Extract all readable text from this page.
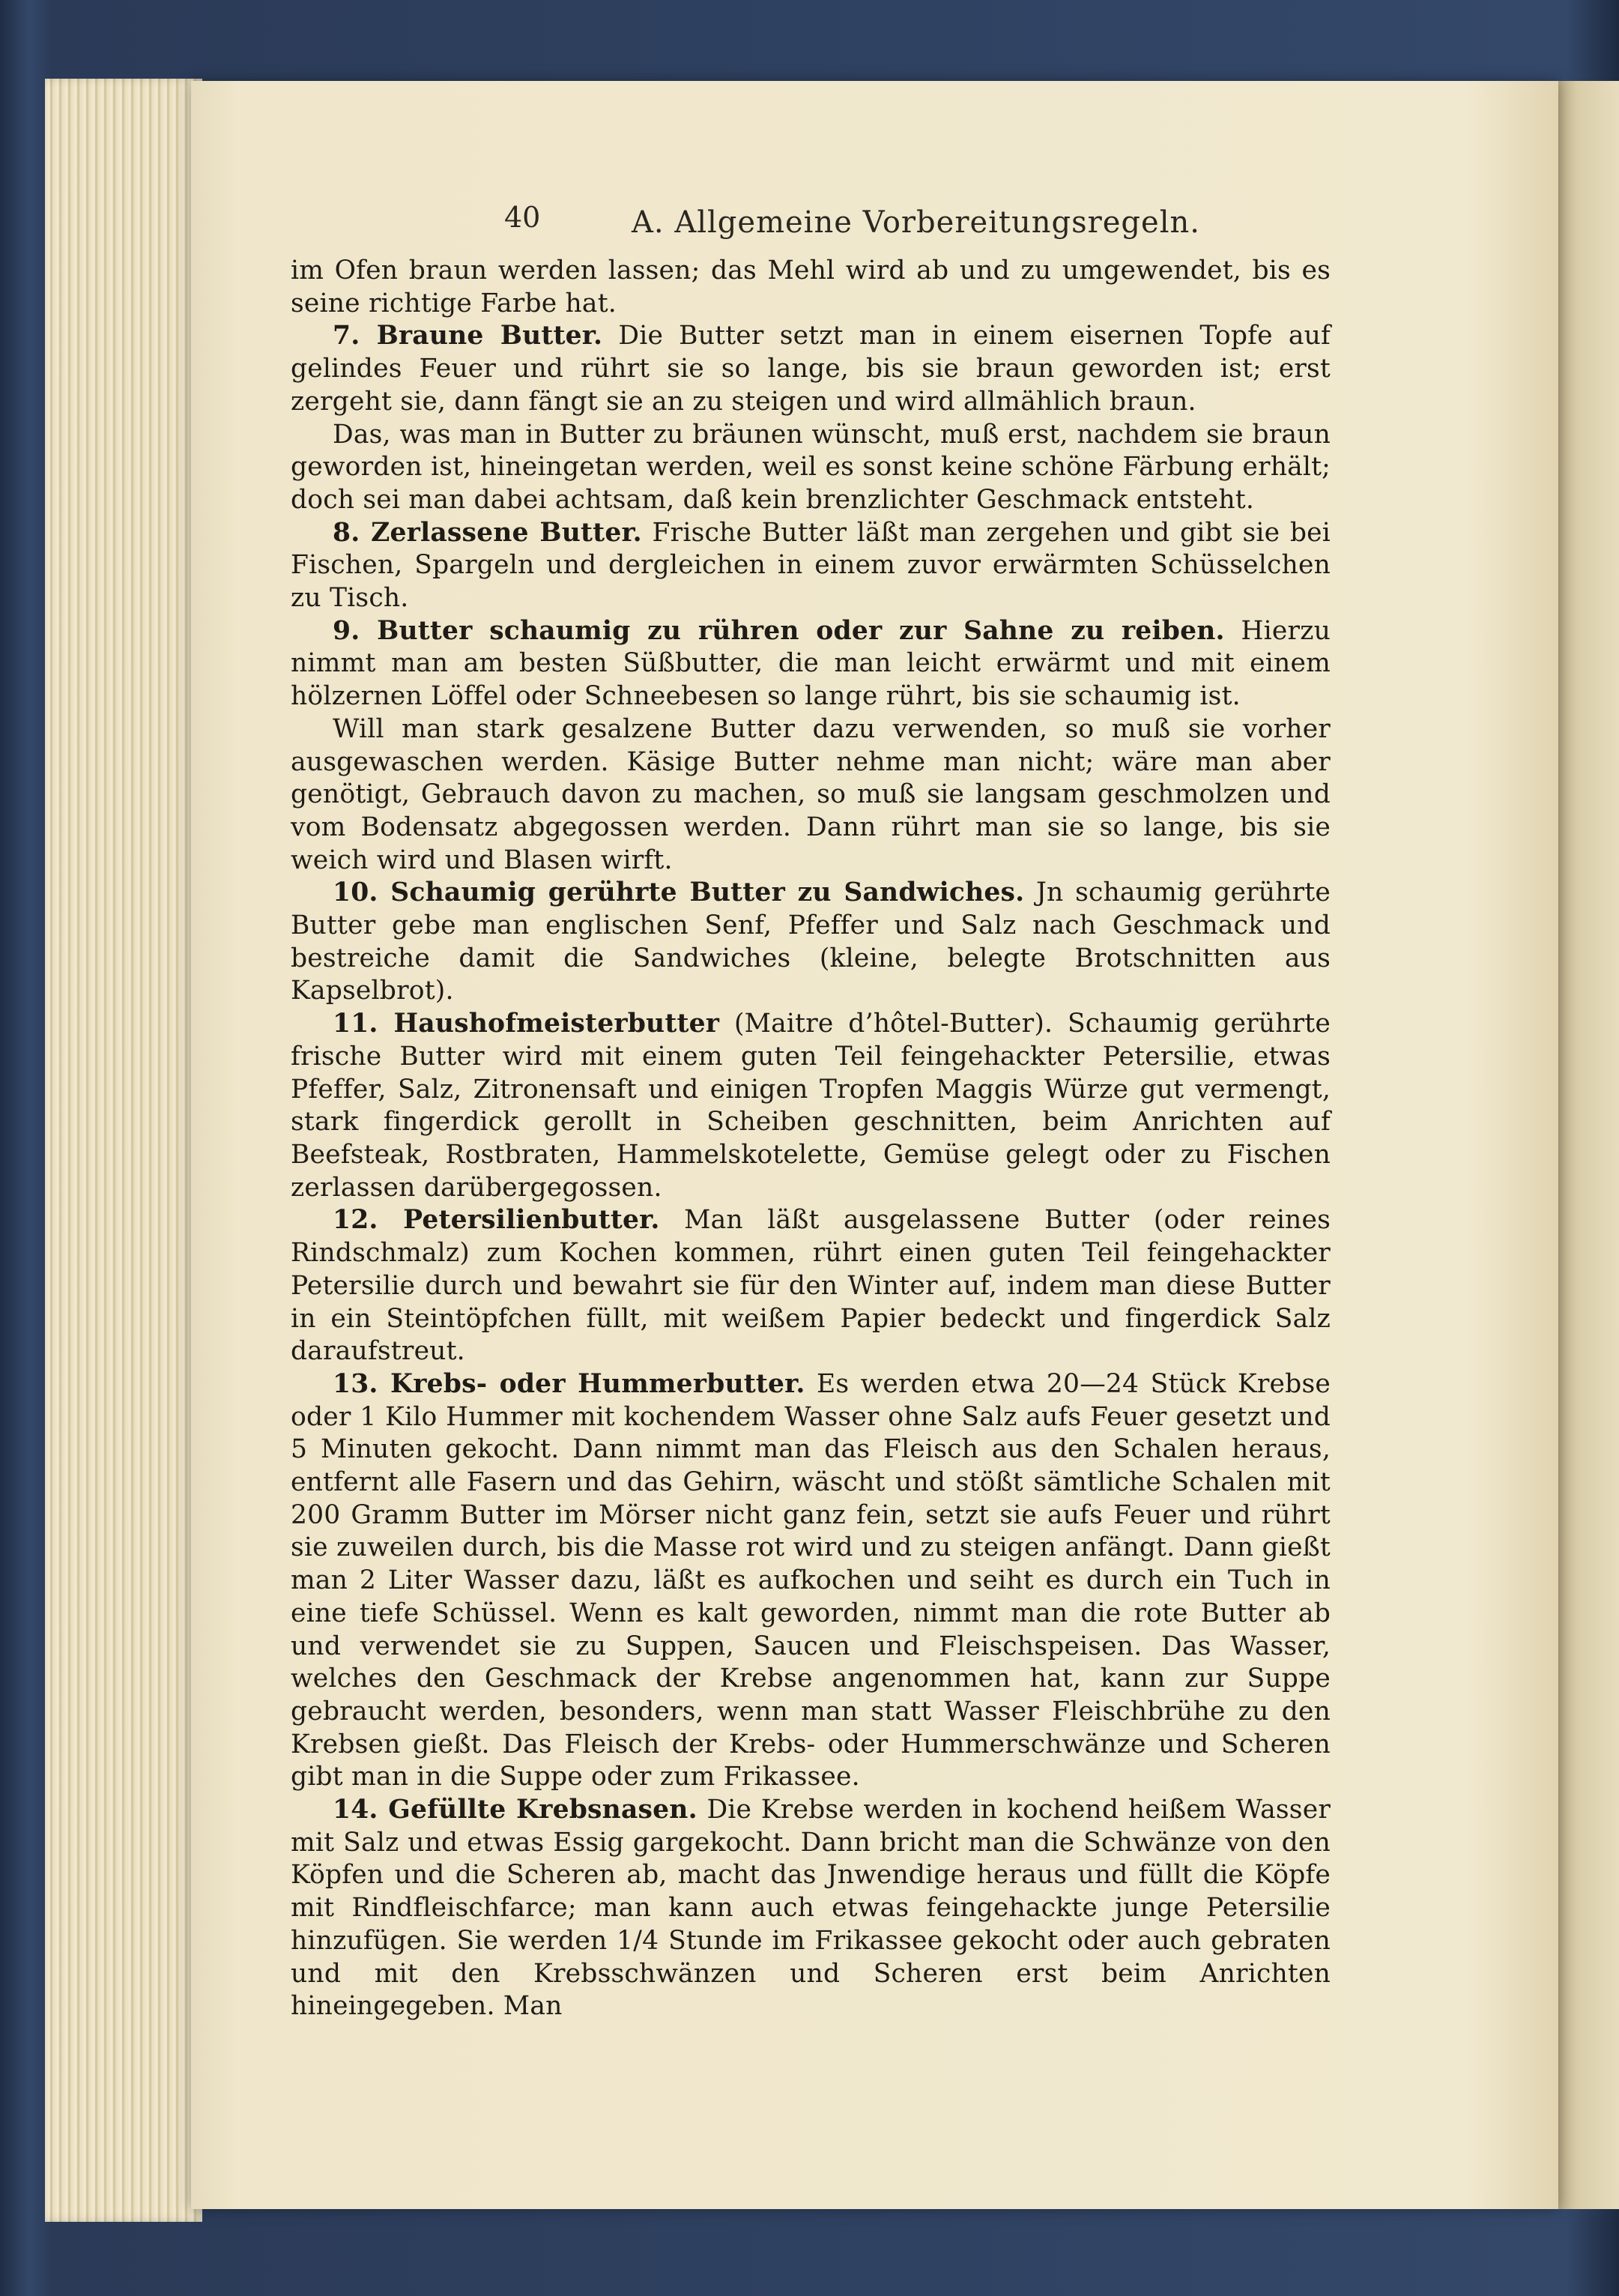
40	A. Allgemeine Vorbereitungsregeln.

im Ofen braun werden lassen; das Mehl wird ab und zu umgewendet, bis es seine richtige Farbe hat.

7. Braune Butter. Die Butter setzt man in einem eisernen Topfe auf gelindes Feuer und rührt sie so lange, bis sie braun geworden ist; erst zergeht sie, dann fängt sie an zu steigen und wird allmählich braun.

Das, was man in Butter zu bräunen wünscht, muß erst, nachdem sie braun geworden ist, hineingetan werden, weil es sonst keine schöne Färbung erhält; doch sei man dabei achtsam, daß kein brenzlichter Geschmack entsteht.

8. Zerlassene Butter. Frische Butter läßt man zergehen und gibt sie bei Fischen, Spargeln und dergleichen in einem zuvor erwärmten Schüsselchen zu Tisch.

9. Butter schaumig zu rühren oder zur Sahne zu reiben. Hierzu nimmt man am besten Süßbutter, die man leicht erwärmt und mit einem hölzernen Löffel oder Schneebesen so lange rührt, bis sie schaumig ist.

Will man stark gesalzene Butter dazu verwenden, so muß sie vorher ausgewaschen werden. Käsige Butter nehme man nicht; wäre man aber genötigt, Gebrauch davon zu machen, so muß sie langsam geschmolzen und vom Bodensatz abgegossen werden. Dann rührt man sie so lange, bis sie weich wird und Blasen wirft.

10. Schaumig gerührte Butter zu Sandwiches. Jn schaumig gerührte Butter gebe man englischen Senf, Pfeffer und Salz nach Geschmack und bestreiche damit die Sandwiches (kleine, belegte Brotschnitten aus Kapselbrot).

11. Haushofmeisterbutter (Maitre d’hôtel-Butter). Schaumig gerührte frische Butter wird mit einem guten Teil feingehackter Petersilie, etwas Pfeffer, Salz, Zitronensaft und einigen Tropfen Maggis Würze gut vermengt, stark fingerdick gerollt in Scheiben geschnitten, beim Anrichten auf Beefsteak, Rostbraten, Hammelskotelette, Gemüse gelegt oder zu Fischen zerlassen darübergegossen.

12. Petersilienbutter. Man läßt ausgelassene Butter (oder reines Rindschmalz) zum Kochen kommen, rührt einen guten Teil feingehackter Petersilie durch und bewahrt sie für den Winter auf, indem man diese Butter in ein Steintöpfchen füllt, mit weißem Papier bedeckt und fingerdick Salz daraufstreut.

13. Krebs- oder Hummerbutter. Es werden etwa 20—24 Stück Krebse oder 1 Kilo Hummer mit kochendem Wasser ohne Salz aufs Feuer gesetzt und 5 Minuten gekocht. Dann nimmt man das Fleisch aus den Schalen heraus, entfernt alle Fasern und das Gehirn, wäscht und stößt sämtliche Schalen mit 200 Gramm Butter im Mörser nicht ganz fein, setzt sie aufs Feuer und rührt sie zuweilen durch, bis die Masse rot wird und zu steigen anfängt. Dann gießt man 2 Liter Wasser dazu, läßt es aufkochen und seiht es durch ein Tuch in eine tiefe Schüssel. Wenn es kalt geworden, nimmt man die rote Butter ab und verwendet sie zu Suppen, Saucen und Fleischspeisen. Das Wasser, welches den Geschmack der Krebse angenommen hat, kann zur Suppe gebraucht werden, besonders, wenn man statt Wasser Fleischbrühe zu den Krebsen gießt. Das Fleisch der Krebs- oder Hummerschwänze und Scheren gibt man in die Suppe oder zum Frikassee.

14. Gefüllte Krebsnasen. Die Krebse werden in kochend heißem Wasser mit Salz und etwas Essig gargekocht. Dann bricht man die Schwänze von den Köpfen und die Scheren ab, macht das Jnwendige heraus und füllt die Köpfe mit Rindfleischfarce; man kann auch etwas feingehackte junge Petersilie hinzufügen. Sie werden 1/4 Stunde im Frikassee gekocht oder auch gebraten und mit den Krebsschwänzen und Scheren erst beim Anrichten hineingegeben. Man
